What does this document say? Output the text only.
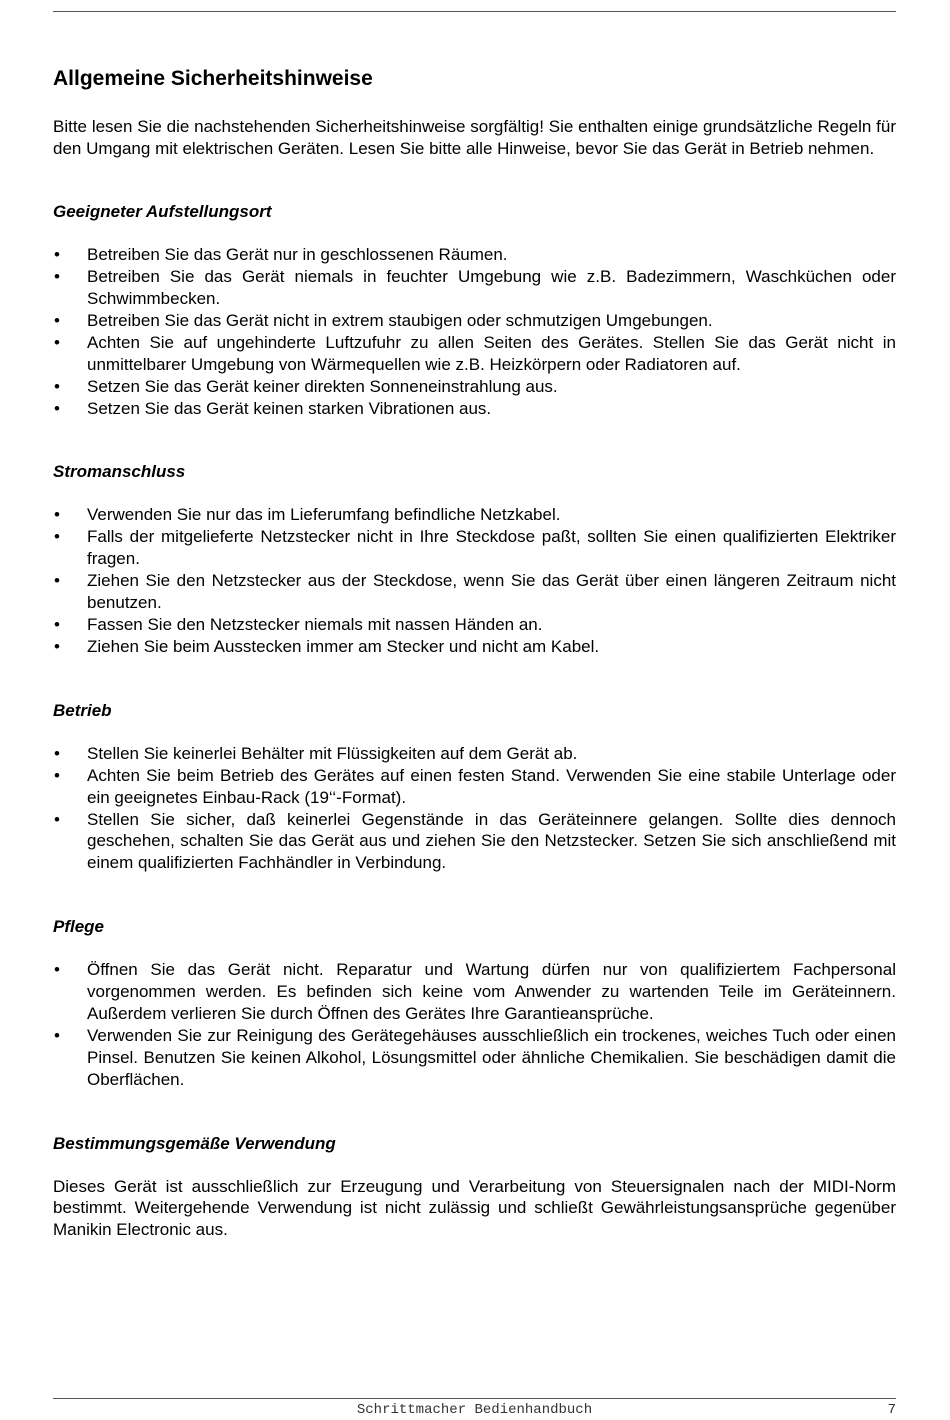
Allgemeine Sicherheitshinweise

Bitte lesen Sie die nachstehenden Sicherheitshinweise sorgfältig! Sie enthalten einige grundsätzliche Regeln für den Umgang mit elektrischen Geräten. Lesen Sie bitte alle Hinweise, bevor Sie das Gerät in Betrieb nehmen.

Geeigneter Aufstellungsort
• Betreiben Sie das Gerät nur in geschlossenen Räumen.
• Betreiben Sie das Gerät niemals in feuchter Umgebung wie z.B. Badezimmern, Waschküchen oder Schwimmbecken.
• Betreiben Sie das Gerät nicht in extrem staubigen oder schmutzigen Umgebungen.
• Achten Sie auf ungehinderte Luftzufuhr zu allen Seiten des Gerätes. Stellen Sie das Gerät nicht in unmittelbarer Umgebung von Wärmequellen wie z.B. Heizkörpern oder Radiatoren auf.
• Setzen Sie das Gerät keiner direkten Sonneneinstrahlung aus.
• Setzen Sie das Gerät keinen starken Vibrationen aus.
Stromanschluss
• Verwenden Sie nur das im Lieferumfang befindliche Netzkabel.
• Falls der mitgelieferte Netzstecker nicht in Ihre Steckdose paßt, sollten Sie einen qualifizierten Elektriker fragen.
• Ziehen Sie den Netzstecker aus der Steckdose, wenn Sie das Gerät über einen längeren Zeitraum nicht benutzen.
• Fassen Sie den Netzstecker niemals mit nassen Händen an.
• Ziehen Sie beim Ausstecken immer am Stecker und nicht am Kabel.
Betrieb
• Stellen Sie keinerlei Behälter mit Flüssigkeiten auf dem Gerät ab.
• Achten Sie beim Betrieb des Gerätes auf einen festen Stand. Verwenden Sie eine stabile Unterlage oder ein geeignetes Einbau-Rack (19‘‘-Format).
• Stellen Sie sicher, daß keinerlei Gegenstände in das Geräteinnere gelangen. Sollte dies dennoch geschehen, schalten Sie das Gerät aus und ziehen Sie den Netzstecker. Setzen Sie sich anschließend mit einem qualifizierten Fachhändler in Verbindung.
Pflege
• Öffnen Sie das Gerät nicht. Reparatur und Wartung dürfen nur von qualifiziertem Fachpersonal vorgenommen werden. Es befinden sich keine vom Anwender zu wartenden Teile im Geräteinnern. Außerdem verlieren Sie durch Öffnen des Gerätes Ihre Garantieansprüche.
• Verwenden Sie zur Reinigung des Gerätegehäuses ausschließlich ein trockenes, weiches Tuch oder einen Pinsel. Benutzen Sie keinen Alkohol, Lösungsmittel oder ähnliche Chemikalien. Sie beschädigen damit die Oberflächen.
Bestimmungsgemäße Verwendung

Dieses Gerät ist ausschließlich zur Erzeugung und Verarbeitung von Steuersignalen nach der MIDI-Norm bestimmt. Weitergehende Verwendung ist nicht zulässig und schließt Gewährleistungsansprüche gegenüber Manikin Electronic aus.

Schrittmacher Bedienhandbuch	7
